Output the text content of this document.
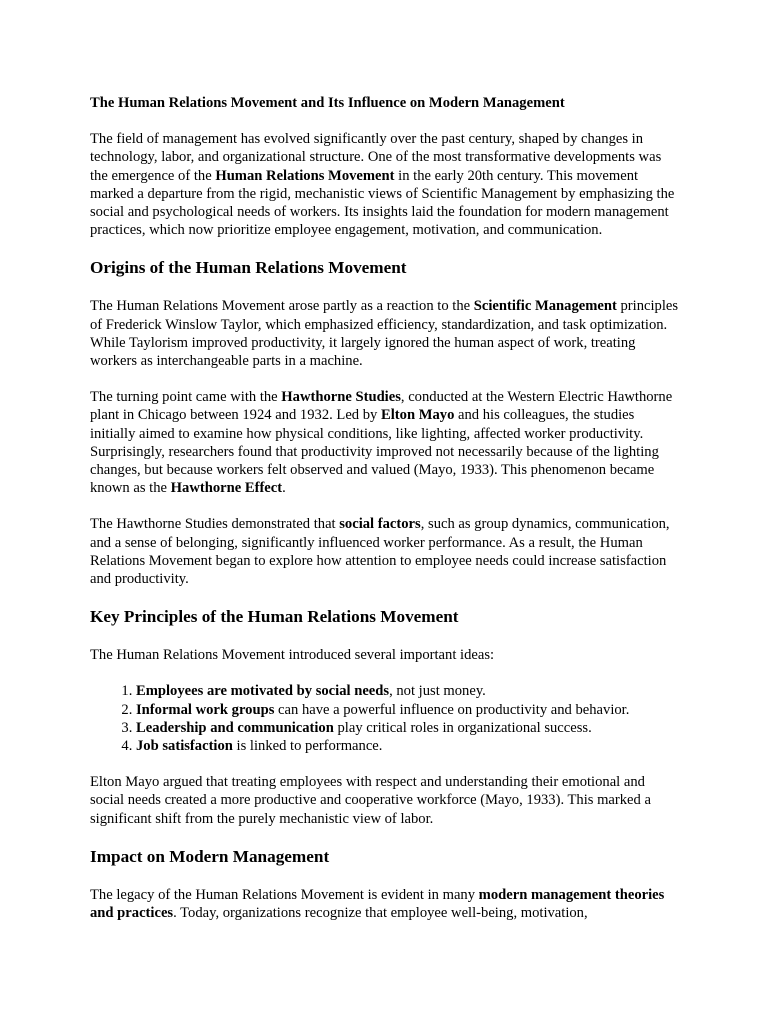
The Human Relations Movement and Its Influence on Modern Management

The field of management has evolved significantly over the past century, shaped by changes in technology, labor, and organizational structure. One of the most transformative developments was the emergence of the Human Relations Movement in the early 20th century. This movement marked a departure from the rigid, mechanistic views of Scientific Management by emphasizing the social and psychological needs of workers. Its insights laid the foundation for modern management practices, which now prioritize employee engagement, motivation, and communication.

Origins of the Human Relations Movement

The Human Relations Movement arose partly as a reaction to the Scientific Management principles of Frederick Winslow Taylor, which emphasized efficiency, standardization, and task optimization. While Taylorism improved productivity, it largely ignored the human aspect of work, treating workers as interchangeable parts in a machine.

The turning point came with the Hawthorne Studies, conducted at the Western Electric Hawthorne plant in Chicago between 1924 and 1932. Led by Elton Mayo and his colleagues, the studies initially aimed to examine how physical conditions, like lighting, affected worker productivity. Surprisingly, researchers found that productivity improved not necessarily because of the lighting changes, but because workers felt observed and valued (Mayo, 1933). This phenomenon became known as the Hawthorne Effect.

The Hawthorne Studies demonstrated that social factors, such as group dynamics, communication, and a sense of belonging, significantly influenced worker performance. As a result, the Human Relations Movement began to explore how attention to employee needs could increase satisfaction and productivity.

Key Principles of the Human Relations Movement

The Human Relations Movement introduced several important ideas:

1. Employees are motivated by social needs, not just money.
2. Informal work groups can have a powerful influence on productivity and behavior.
3. Leadership and communication play critical roles in organizational success.
4. Job satisfaction is linked to performance.

Elton Mayo argued that treating employees with respect and understanding their emotional and social needs created a more productive and cooperative workforce (Mayo, 1933). This marked a significant shift from the purely mechanistic view of labor.

Impact on Modern Management

The legacy of the Human Relations Movement is evident in many modern management theories and practices. Today, organizations recognize that employee well-being, motivation,
